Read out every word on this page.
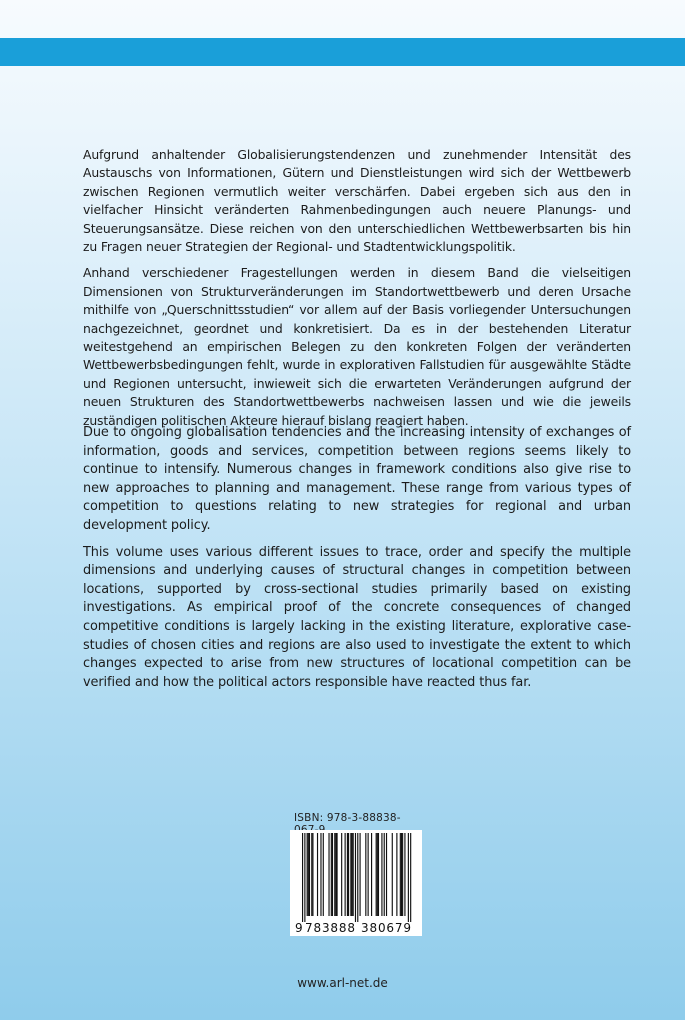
Aufgrund anhaltender Globalisierungstendenzen und zunehmender Intensität des Austauschs von Informationen, Gütern und Dienstleistungen wird sich der Wettbewerb zwischen Regionen vermutlich weiter verschärfen. Dabei ergeben sich aus den in vielfacher Hinsicht veränderten Rahmenbedingungen auch neuere Planungs- und Steuerungsansätze. Diese reichen von den unterschiedlichen Wettbewerbsarten bis hin zu Fragen neuer Strategien der Regional- und Stadtentwicklungspolitik.

Anhand verschiedener Fragestellungen werden in diesem Band die vielseitigen Dimensionen von Strukturveränderungen im Standortwettbewerb und deren Ursache mithilfe von „Querschnittsstudien“ vor allem auf der Basis vorliegender Untersuchungen nachgezeichnet, geordnet und konkretisiert. Da es in der bestehenden Literatur weitestgehend an empirischen Belegen zu den konkreten Folgen der veränderten Wettbewerbsbedingungen fehlt, wurde in explorativen Fallstudien für ausgewählte Städte und Regionen untersucht, inwieweit sich die erwarteten Veränderungen aufgrund der neuen Strukturen des Standortwettbewerbs nachweisen lassen und wie die jeweils zuständigen politischen Akteure hierauf bislang reagiert haben.

Due to ongoing globalisation tendencies and the increasing intensity of exchanges of information, goods and services, competition between regions seems likely to continue to intensify. Numerous changes in framework conditions also give rise to new approaches to planning and management. These range from various types of competition to questions relating to new strategies for regional and urban development policy.

This volume uses various different issues to trace, order and specify the multiple dimensions and underlying causes of structural changes in competition between locations, supported by cross-sectional studies primarily based on existing investigations. As empirical proof of the concrete consequences of changed competitive conditions is largely lacking in the existing literature, explorative case-studies of chosen cities and regions are also used to investigate the extent to which changes expected to arise from new structures of locational competition can be verified and how the political actors responsible have reacted thus far.

ISBN: 978-3-88838-
9 783888 380679
www.arl-net.de
